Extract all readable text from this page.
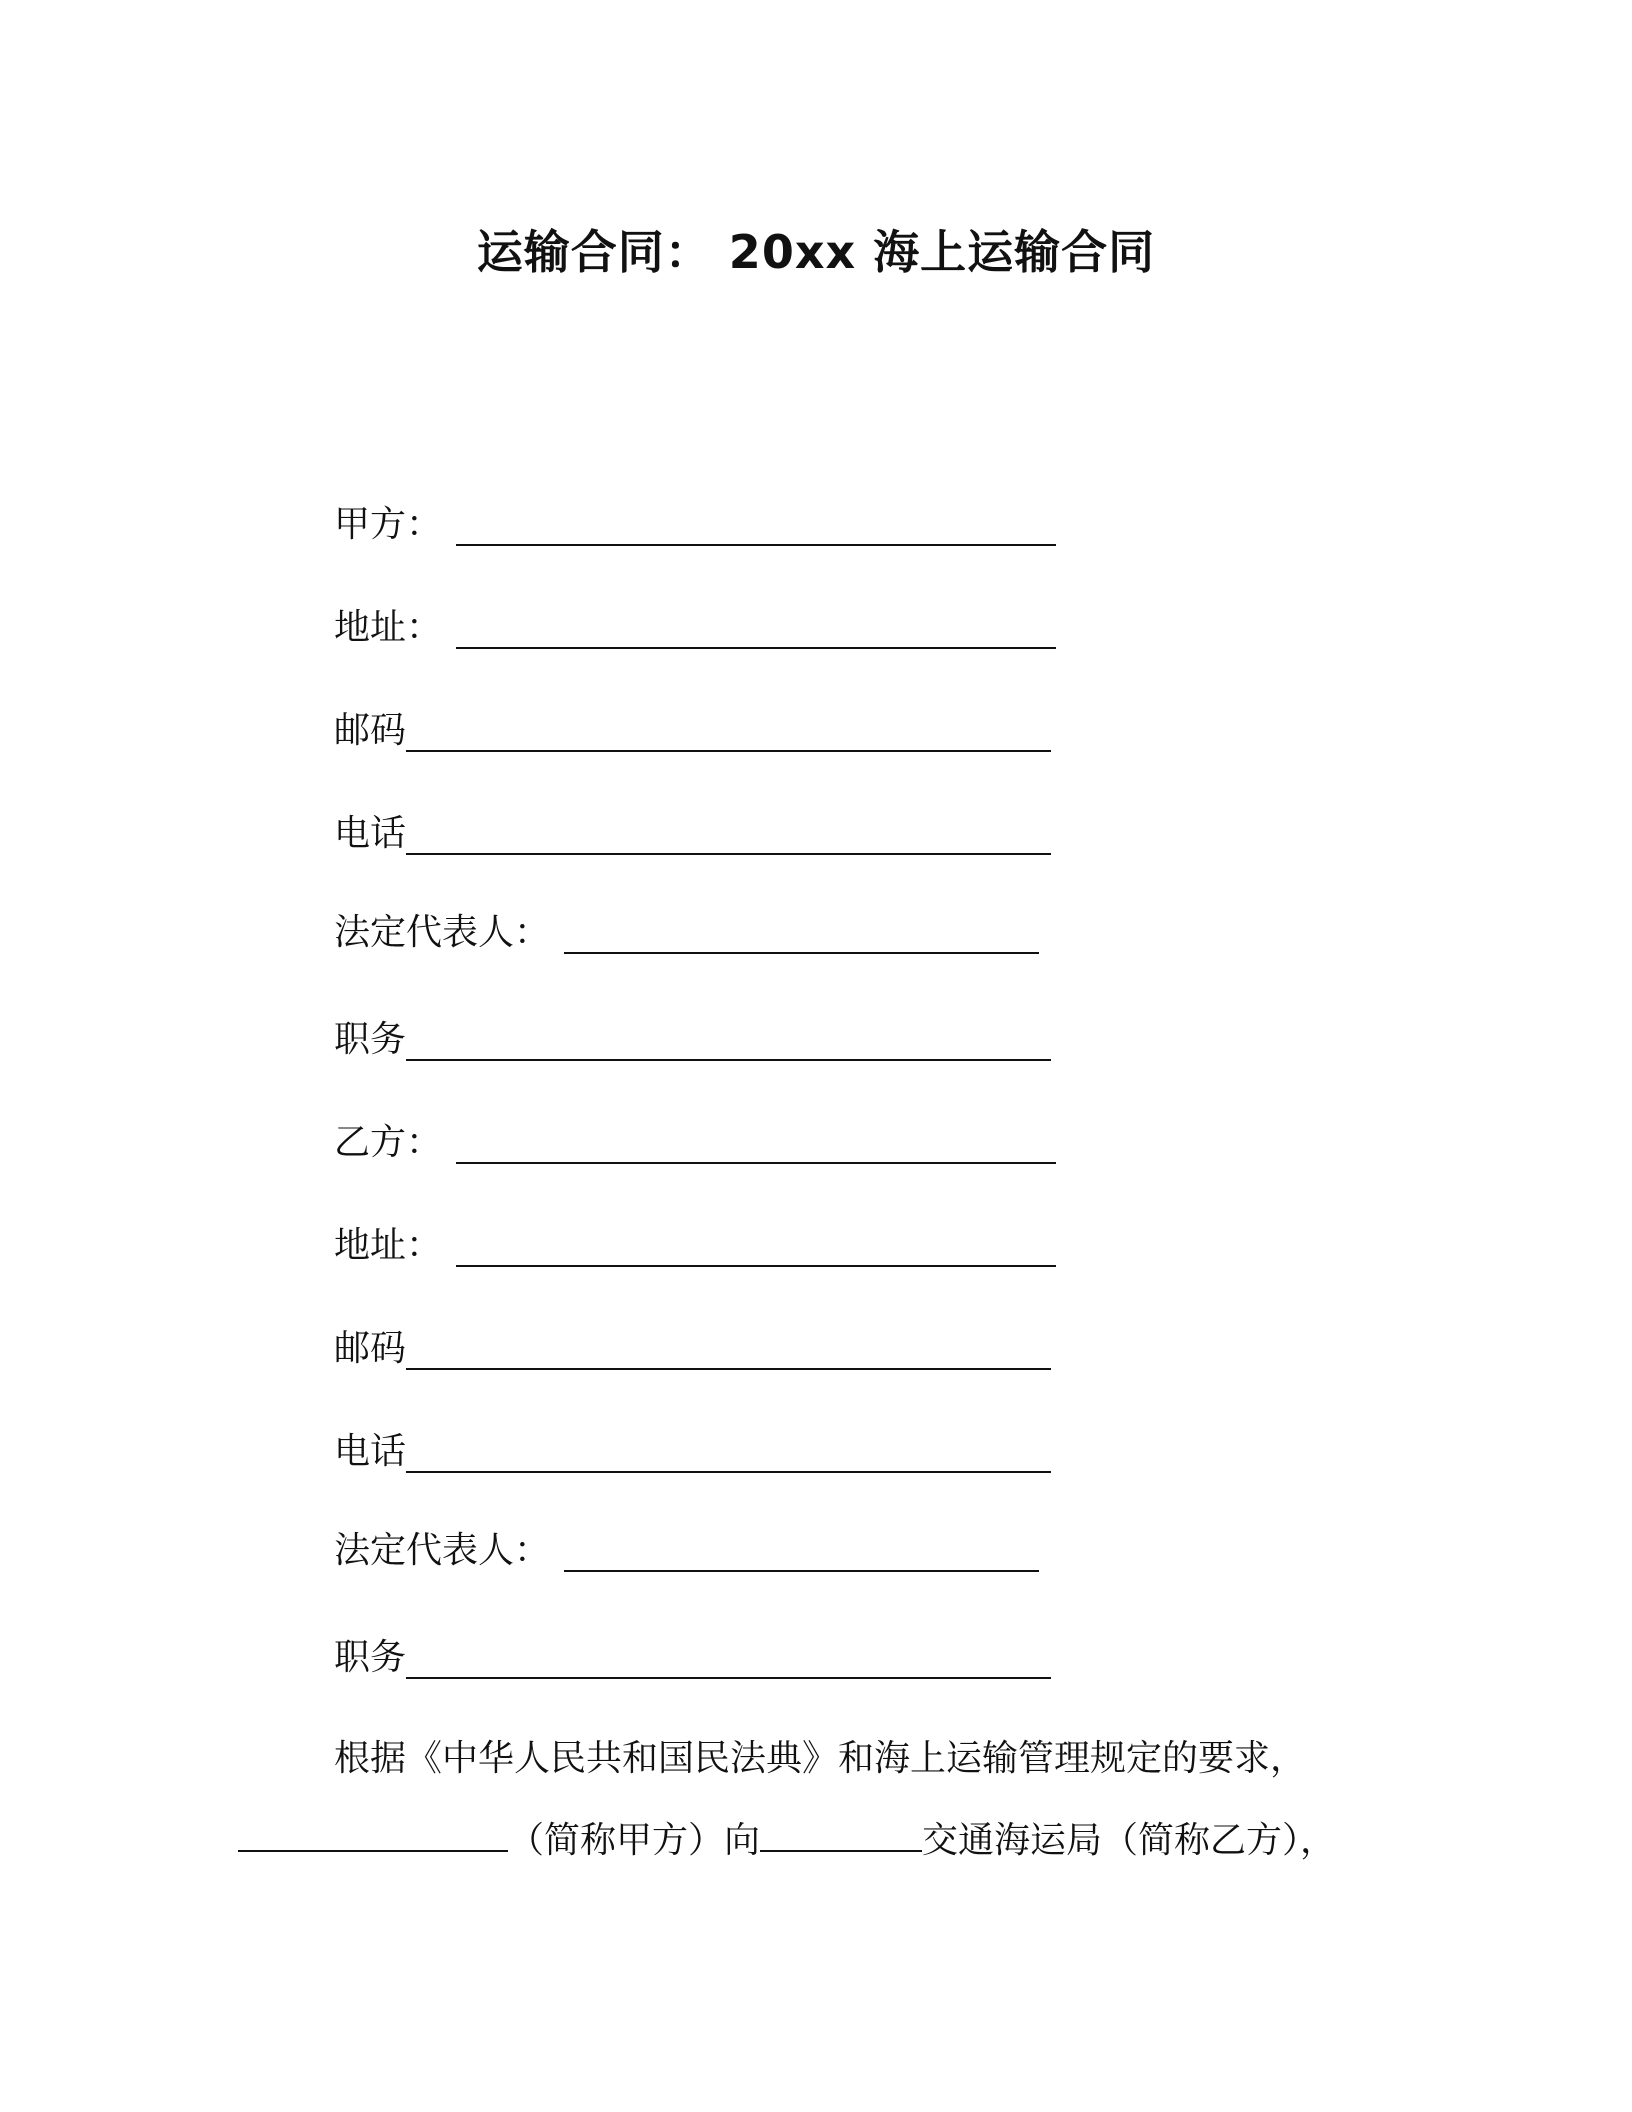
运输合同： 20xx 海上运输合同
甲方：
地址：
邮码
电话
法定代表人：
职务
乙方：
地址：
邮码
电话
法定代表人：
职务
根据《中华人民共和国民法典》和海上运输管理规定的要求，
（简称甲方）向	交通海运局（简称乙方），
